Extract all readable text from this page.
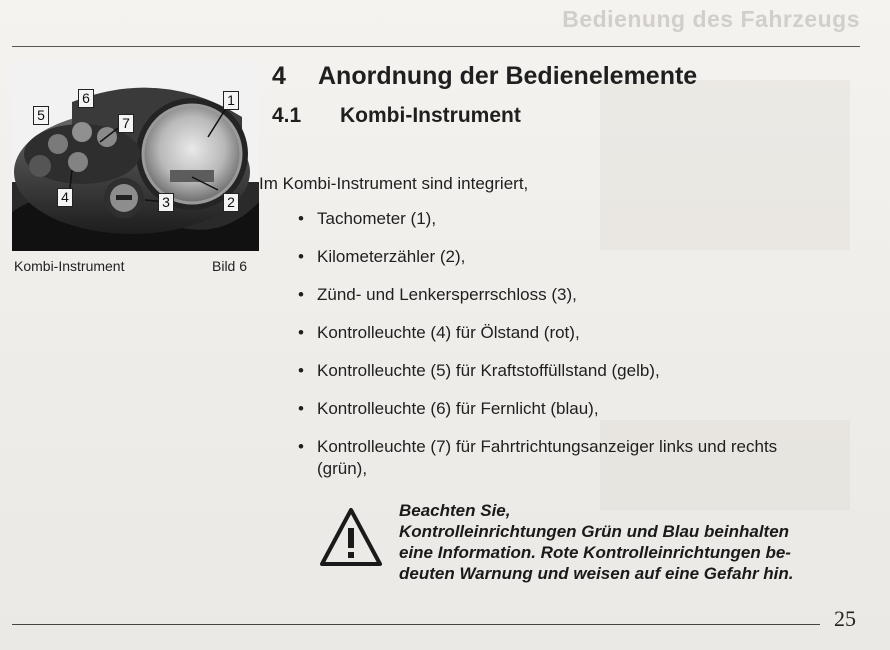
Bedienung des Fahrzeugs
1
2
3
4
5
6
7
Kombi-Instrument	Bild 6
4 Anordnung der Bedienelemente
4.1 Kombi-Instrument
Im Kombi-Instrument sind integriert,
• Tachometer (1),
• Kilometerzähler (2),
• Zünd- und Lenkersperrschloss (3),
• Kontrolleuchte (4) für Ölstand (rot),
• Kontrolleuchte (5) für Kraftstoffüllstand (gelb),
• Kontrolleuchte (6) für Fernlicht (blau),
• Kontrolleuchte (7) für Fahrtrichtungsanzeiger links und rechts (grün),
Beachten Sie,
Kontrolleinrichtungen Grün und Blau beinhalten
eine Information. Rote Kontrolleinrichtungen be-
deuten Warnung und weisen auf eine Gefahr hin.
25
